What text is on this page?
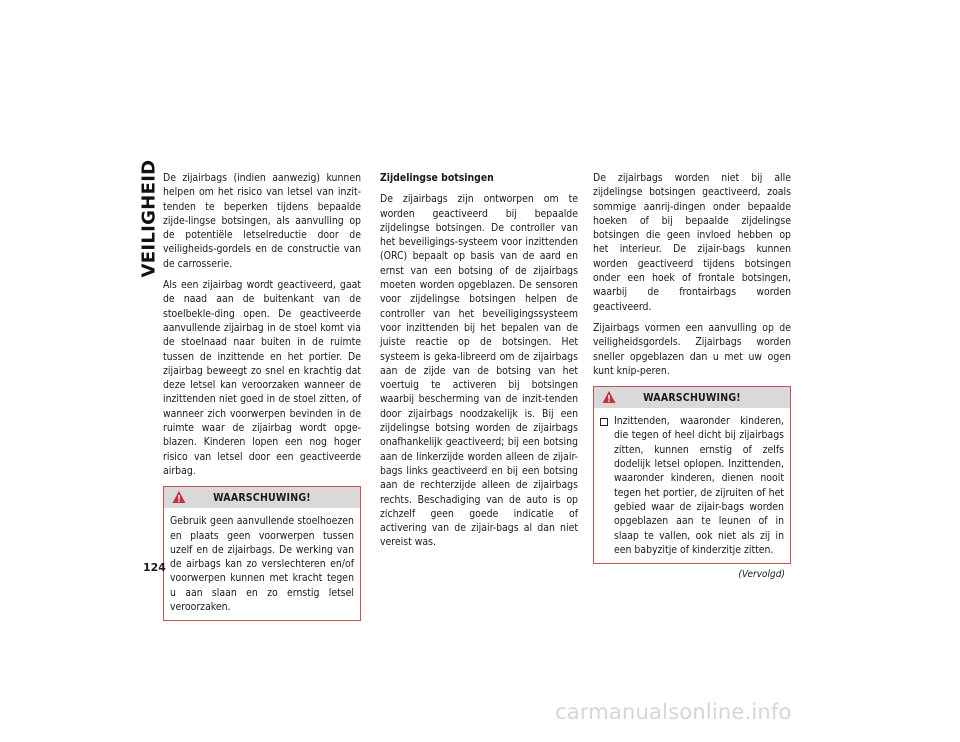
VEILIGHEID De zijairbags (indien aanwezig) kunnen helpen om het risico van letsel van inzit-tenden te beperken tijdens bepaalde zijde-lingse botsingen, als aanvulling op de potentiële letselreductie door de veiligheids-gordels en de constructie van de carrosserie.

Als een zijairbag wordt geactiveerd, gaat de naad aan de buitenkant van de stoelbekle-ding open. De geactiveerde aanvullende zijairbag in de stoel komt via de stoelnaad naar buiten in de ruimte tussen de inzittende en het portier. De zijairbag beweegt zo snel en krachtig dat deze letsel kan veroorzaken wanneer de inzittenden niet goed in de stoel zitten, of wanneer zich voorwerpen bevinden in de ruimte waar de zijairbag wordt opge-blazen. Kinderen lopen een nog hoger risico van letsel door een geactiveerde airbag.

WAARSCHUWING!
Gebruik geen aanvullende stoelhoezen en plaats geen voorwerpen tussen uzelf en de zijairbags. De werking van de airbags kan zo verslechteren en/of voorwerpen kunnen met kracht tegen u aan slaan en zo ernstig letsel veroorzaken.
Zijdelingse botsingen

De zijairbags zijn ontworpen om te worden geactiveerd bij bepaalde zijdelingse botsingen. De controller van het beveiligings-systeem voor inzittenden (ORC) bepaalt op basis van de aard en ernst van een botsing of de zijairbags moeten worden opgeblazen. De sensoren voor zijdelingse botsingen helpen de controller van het beveiligingssysteem voor inzittenden bij het bepalen van de juiste reactie op de botsingen. Het systeem is geka-libreerd om de zijairbags aan de zijde van de botsing van het voertuig te activeren bij botsingen waarbij bescherming van de inzit-tenden door zijairbags noodzakelijk is. Bij een zijdelingse botsing worden de zijairbags onafhankelijk geactiveerd; bij een botsing aan de linkerzijde worden alleen de zijair-bags links geactiveerd en bij een botsing aan de rechterzijde alleen de zijairbags rechts. Beschadiging van de auto is op zichzelf geen goede indicatie of activering van de zijair-bags al dan niet vereist was.

De zijairbags worden niet bij alle zijdelingse botsingen geactiveerd, zoals sommige aanrij-dingen onder bepaalde hoeken of bij bepaalde zijdelingse botsingen die geen invloed hebben op het interieur. De zijair-bags kunnen worden geactiveerd tijdens botsingen onder een hoek of frontale botsingen, waarbij de frontairbags worden geactiveerd.

Zijairbags vormen een aanvulling op de veiligheidsgordels. Zijairbags worden sneller opgeblazen dan u met uw ogen kunt knip-peren.

WAARSCHUWING!
Inzittenden, waaronder kinderen, die tegen of heel dicht bij zijairbags zitten, kunnen ernstig of zelfs dodelijk letsel oplopen. Inzittenden, waaronder kinderen, dienen nooit tegen het portier, de zijruiten of het gebied waar de zijair-bags worden opgeblazen aan te leunen of in slaap te vallen, ook niet als zij in een babyzitje of kinderzitje zitten.
(Vervolgd)
124
carmanualsonline.info
